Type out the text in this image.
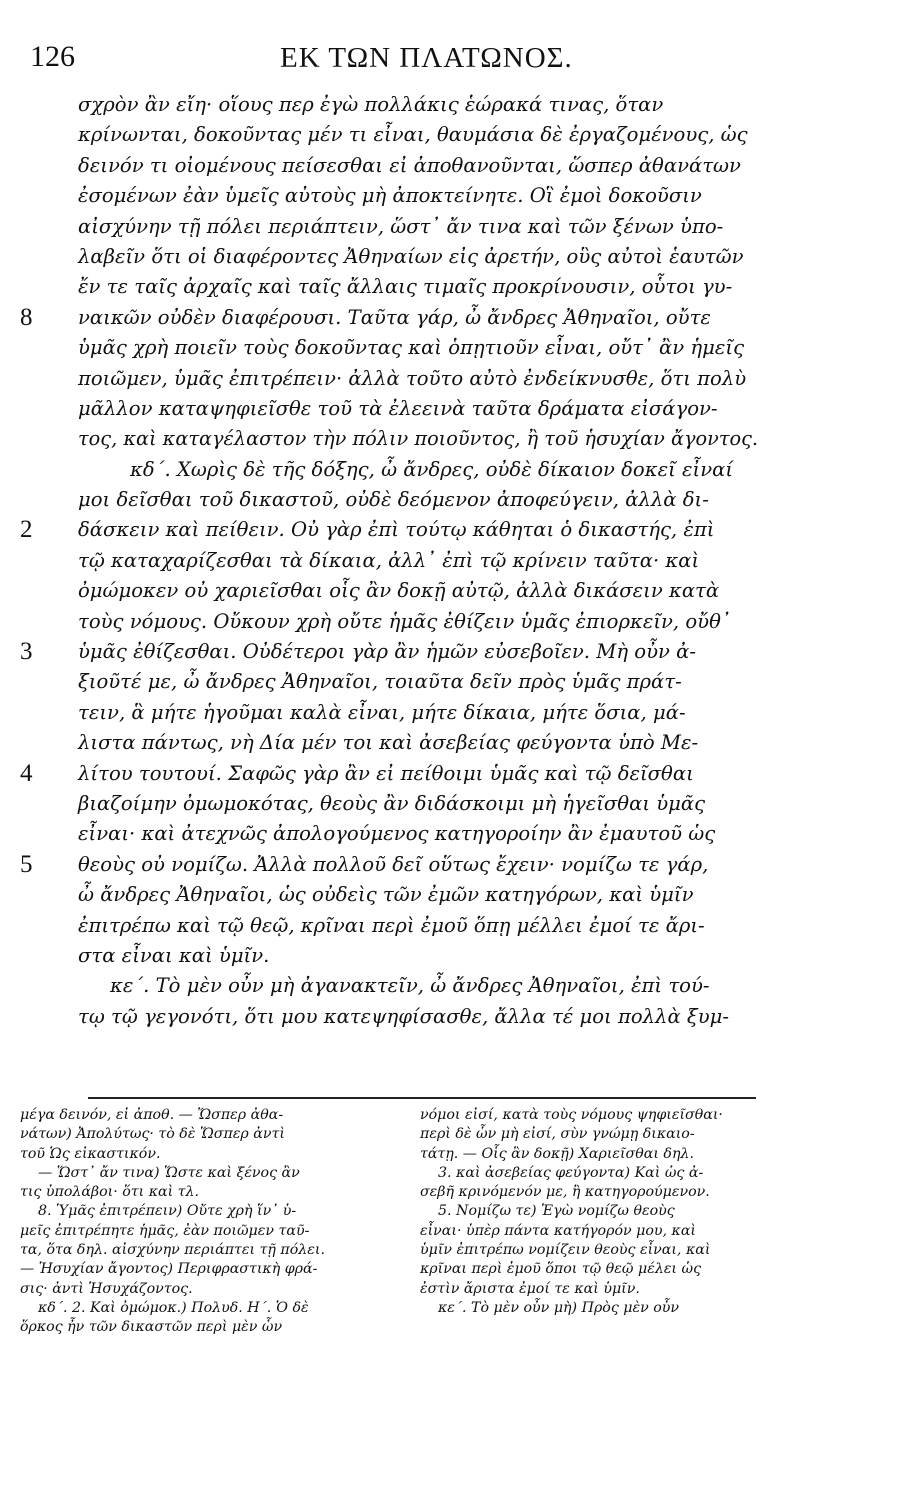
126	ΕΚ ΤΩΝ ΠΛΑΤΩΝΟΣ.
σχρὸν ἂν εἴη· οἵους περ ἐγὼ πολλάκις ἑώρακά τινας, ὅταν
κρίνωνται, δοκοῦντας μέν τι εἶναι, θαυμάσια δὲ ἐργαζομένους, ὡς
δεινόν τι οἰομένους πείσεσθαι εἰ ἀποθανοῦνται, ὥσπερ ἀθανάτων
ἐσομένων ἐὰν ὑμεῖς αὐτοὺς μὴ ἀποκτείνητε. Οἳ ἐμοὶ δοκοῦσιν
αἰσχύνην τῇ πόλει περιάπτειν, ὥστ᾽ ἄν τινα καὶ τῶν ξένων ὑπο-
λαβεῖν ὅτι οἱ διαφέροντες Ἀθηναίων εἰς ἀρετήν, οὓς αὐτοὶ ἑαυτῶν
ἔν τε ταῖς ἀρχαῖς καὶ ταῖς ἄλλαις τιμαῖς προκρίνουσιν, οὗτοι γυ-
8 ναικῶν οὐδὲν διαφέρουσι. Ταῦτα γάρ, ὦ ἄνδρες Ἀθηναῖοι, οὔτε
ὑμᾶς χρὴ ποιεῖν τοὺς δοκοῦντας καὶ ὁπῃτιοῦν εἶναι, οὔτ᾽ ἂν ἡμεῖς
ποιῶμεν, ὑμᾶς ἐπιτρέπειν· ἀλλὰ τοῦτο αὐτὸ ἐνδείκνυσθε, ὅτι πολὺ
μᾶλλον καταψηφιεῖσθε τοῦ τὰ ἐλεεινὰ ταῦτα δράματα εἰσάγον-
τος, καὶ καταγέλαστον τὴν πόλιν ποιοῦντος, ἢ τοῦ ἡσυχίαν ἄγοντος.
κδ΄. Χωρὶς δὲ τῆς δόξης, ὦ ἄνδρες, οὐδὲ δίκαιον δοκεῖ εἶναί
μοι δεῖσθαι τοῦ δικαστοῦ, οὐδὲ δεόμενον ἀποφεύγειν, ἀλλὰ δι-
2 δάσκειν καὶ πείθειν. Οὐ γὰρ ἐπὶ τούτῳ κάθηται ὁ δικαστής, ἐπὶ
τῷ καταχαρίζεσθαι τὰ δίκαια, ἀλλ᾽ ἐπὶ τῷ κρίνειν ταῦτα· καὶ
ὀμώμοκεν οὐ χαριεῖσθαι οἷς ἂν δοκῇ αὐτῷ, ἀλλὰ δικάσειν κατὰ
τοὺς νόμους. Οὔκουν χρὴ οὔτε ἡμᾶς ἐθίζειν ὑμᾶς ἐπιορκεῖν, οὔθ᾽
3 ὑμᾶς ἐθίζεσθαι. Οὐδέτεροι γὰρ ἂν ἡμῶν εὐσεβοῖεν. Μὴ οὖν ἀ-
ξιοῦτέ με, ὦ ἄνδρες Ἀθηναῖοι, τοιαῦτα δεῖν πρὸς ὑμᾶς πράτ-
τειν, ἃ μήτε ἡγοῦμαι καλὰ εἶναι, μήτε δίκαια, μήτε ὅσια, μά-
λιστα πάντως, νὴ Δία μέν τοι καὶ ἀσεβείας φεύγοντα ὑπὸ Με-
4 λίτου τουτουί. Σαφῶς γὰρ ἂν εἰ πείθοιμι ὑμᾶς καὶ τῷ δεῖσθαι
βιαζοίμην ὀμωμοκότας, θεοὺς ἂν διδάσκοιμι μὴ ἡγεῖσθαι ὑμᾶς
εἶναι· καὶ ἀτεχνῶς ἀπολογούμενος κατηγοροίην ἂν ἐμαυτοῦ ὡς
5 θεοὺς οὐ νομίζω. Ἀλλὰ πολλοῦ δεῖ οὕτως ἔχειν· νομίζω τε γάρ,
ὦ ἄνδρες Ἀθηναῖοι, ὡς οὐδεὶς τῶν ἐμῶν κατηγόρων, καὶ ὑμῖν
ἐπιτρέπω καὶ τῷ θεῷ, κρῖναι περὶ ἐμοῦ ὅπῃ μέλλει ἐμοί τε ἄρι-
στα εἶναι καὶ ὑμῖν.
κε΄. Τὸ μὲν οὖν μὴ ἀγανακτεῖν, ὦ ἄνδρες Ἀθηναῖοι, ἐπὶ τού-
τῳ τῷ γεγονότι, ὅτι μου κατεψηφίσασθε, ἄλλα τέ μοι πολλὰ ξυμ-
μέγα δεινόν, εἰ ἀποθ. — Ὥσπερ ἀθα-
νάτων) Ἀπολύτως· τὸ δὲ Ὥσπερ ἀντὶ
τοῦ Ὡς εἰκαστικόν.
— Ὥστ᾽ ἄν τινα) Ὥστε καὶ ξένος ἂν
τις ὑπολάβοι· ὅτι καὶ τλ.
8. Ὑμᾶς ἐπιτρέπειν) Οὔτε χρὴ ἵν᾽ ὑ-
μεῖς ἐπιτρέπητε ἡμᾶς, ἐὰν ποιῶμεν ταῦ-
τα, ὅτα δηλ. αἰσχύνην περιάπτει τῇ πόλει.
— Ἡσυχίαν ἄγοντος) Περιφραστικὴ φρά-
σις· ἀντὶ Ἡσυχάζοντος.
κδ΄. 2. Καὶ ὀμώμοκ.) Πολυδ. Η΄. Ὁ δὲ
ὅρκος ἦν τῶν δικαστῶν περὶ μὲν ὧν
νόμοι εἰσί, κατὰ τοὺς νόμους ψηφιεῖσθαι·
περὶ δὲ ὧν μὴ εἰσί, σὺν γνώμῃ δικαιο-
τάτῃ. — Οἷς ἂν δοκῇ) Χαριεῖσθαι δηλ.
3. καὶ ἀσεβείας φεύγοντα) Καὶ ὡς ἀ-
σεβῆ κρινόμενόν με, ἢ κατηγορούμενον.
5. Νομίζω τε) Ἐγὼ νομίζω θεοὺς
εἶναι· ὑπὲρ πάντα κατήγορόν μου, καὶ
ὑμῖν ἐπιτρέπω νομίζειν θεοὺς εἶναι, καὶ
κρῖναι περὶ ἐμοῦ ὅποι τῷ θεῷ μέλει ὡς
ἐστὶν ἄριστα ἐμοί τε καὶ ὑμῖν.
κε΄. Τὸ μὲν οὖν μὴ) Πρὸς μὲν οὖν
